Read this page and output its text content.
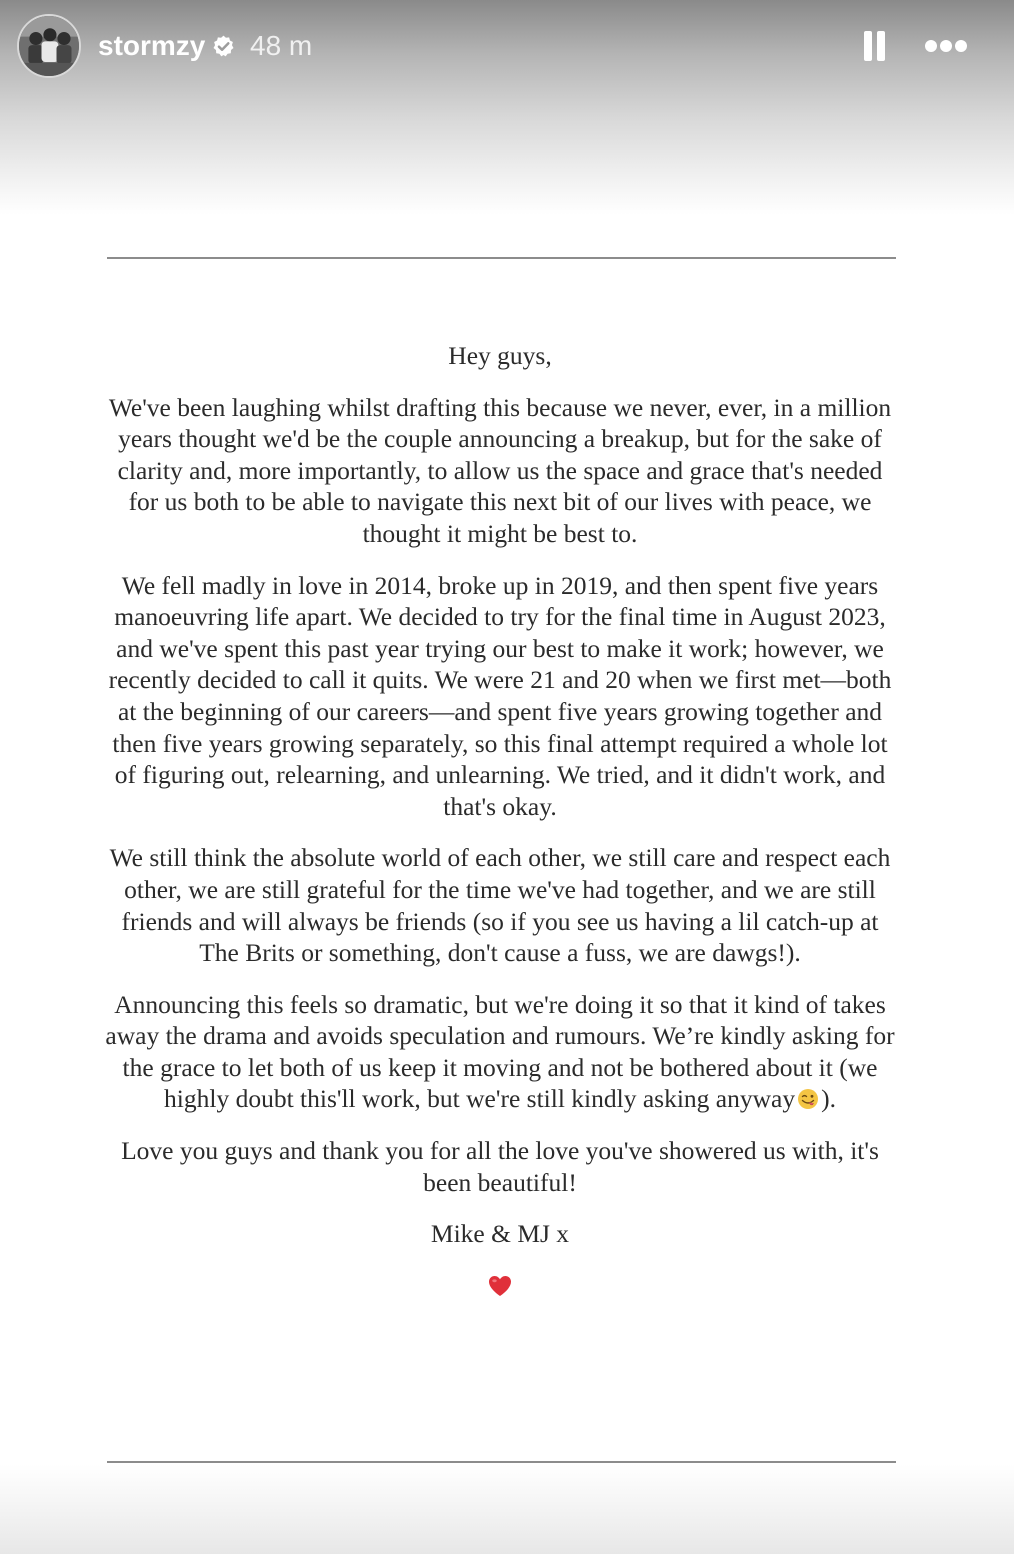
stormzy 48 m

Hey guys,

We've been laughing whilst drafting this because we never, ever, in a million years thought we'd be the couple announcing a breakup, but for the sake of clarity and, more importantly, to allow us the space and grace that's needed for us both to be able to navigate this next bit of our lives with peace, we thought it might be best to.

We fell madly in love in 2014, broke up in 2019, and then spent five years manoeuvring life apart. We decided to try for the final time in August 2023, and we've spent this past year trying our best to make it work; however, we recently decided to call it quits. We were 21 and 20 when we first met—both at the beginning of our careers—and spent five years growing together and then five years growing separately, so this final attempt required a whole lot of figuring out, relearning, and unlearning. We tried, and it didn't work, and that's okay.

We still think the absolute world of each other, we still care and respect each other, we are still grateful for the time we've had together, and we are still friends and will always be friends (so if you see us having a lil catch-up at The Brits or something, don't cause a fuss, we are dawgs!).

Announcing this feels so dramatic, but we're doing it so that it kind of takes away the drama and avoids speculation and rumours. We’re kindly asking for the grace to let both of us keep it moving and not be bothered about it (we highly doubt this'll work, but we're still kindly asking anyway ).

Love you guys and thank you for all the love you've showered us with, it's been beautiful!

Mike & MJ x
